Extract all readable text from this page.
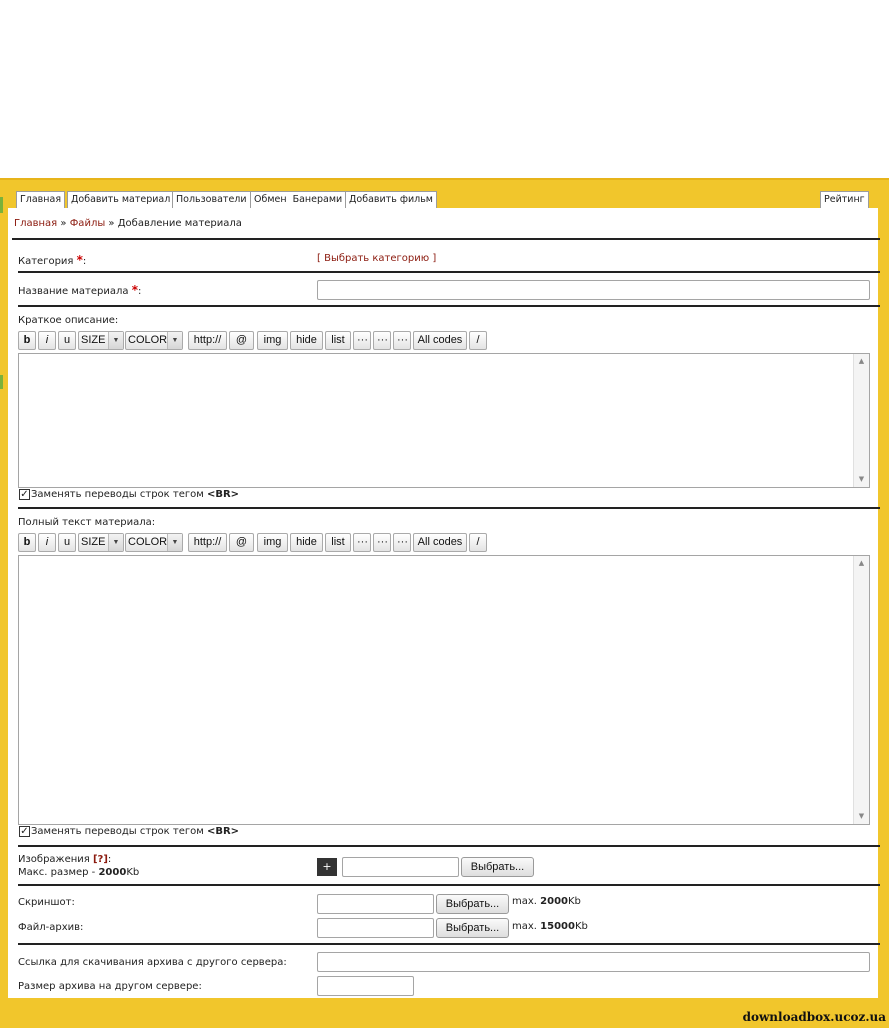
Главная	Добавить материал Пользователи Обмен  Банерами Добавить фильм	Рейтинг
Главная » Файлы » Добавление материала
Категория *:	[ Выбрать категорию ]
Название материала *:
Краткое описание:
b	i	u SIZE	▼ COLOR ▼	http://	@	img	hide	list	··· ··· ··· All codes	/
▲
▼
✓ Заменять переводы строк тегом <BR>
Полный текст материала:
b	i	u SIZE	▼ COLOR ▼	http://	@	img	hide	list	··· ··· ··· All codes	/
▲
▼
✓ Заменять переводы строк тегом <BR>
Изображения [?]:
Макс. размер - 2000Kb	+	Выбрать...
Скриншот:	Выбрать...	max. 2000Kb
Файл-архив:	Выбрать...	max. 15000Kb
Ссылка для скачивания архива с другого сервера:
Размер архива на другом сервере:
downloadbox.ucoz.ua
